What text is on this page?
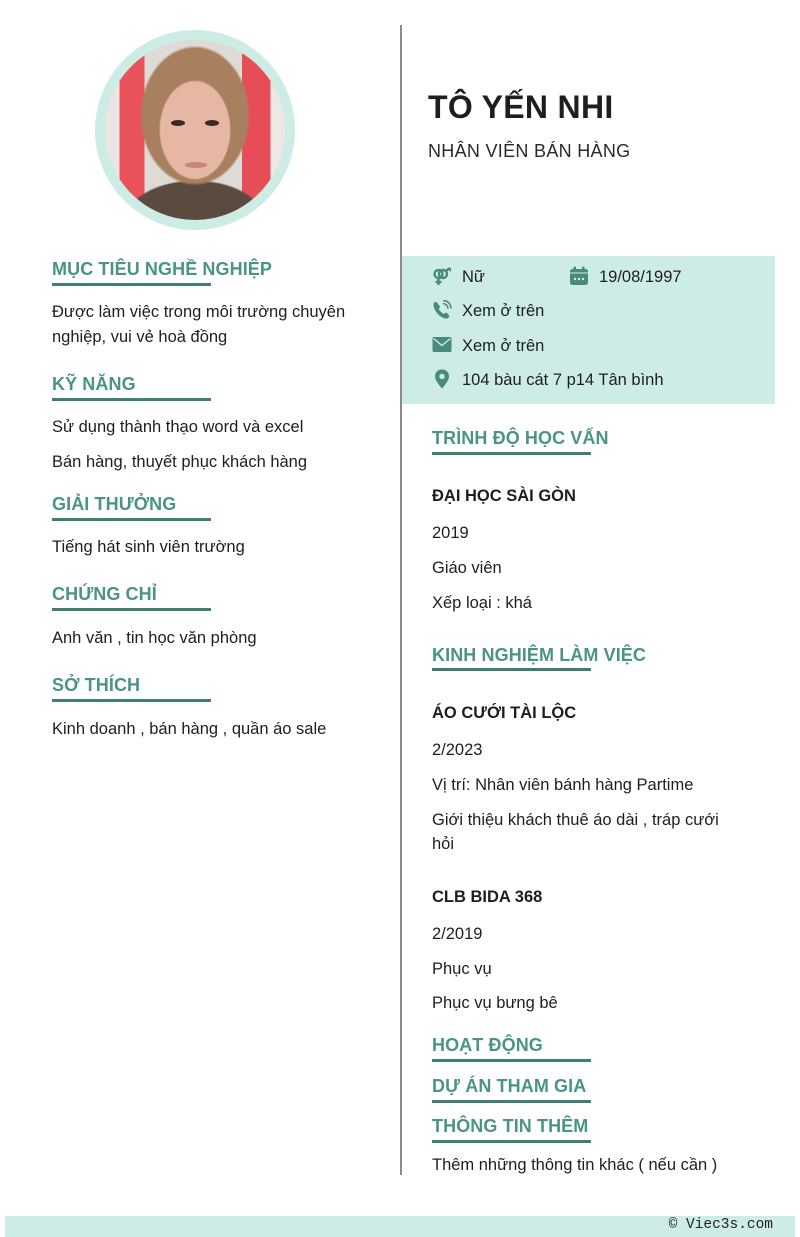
MỤC TIÊU NGHỀ NGHIỆP
Được làm việc trong môi trường chuyên
nghiệp, vui vẻ hoà đồng
KỸ NĂNG
Sử dụng thành thạo word và excel
Bán hàng, thuyết phục khách hàng
GIẢI THƯỞNG
Tiếng hát sinh viên trường
CHỨNG CHỈ
Anh văn , tin học văn phòng
SỞ THÍCH
Kinh doanh , bán hàng , quần áo sale
TÔ YẾN NHI
NHÂN VIÊN BÁN HÀNG
Nữ	19/08/1997
Xem ở trên
Xem ở trên
104 bàu cát 7 p14 Tân bình
TRÌNH ĐỘ HỌC VẤN
ĐẠI HỌC SÀI GÒN
2019
Giáo viên
Xếp loại : khá
KINH NGHIỆM LÀM VIỆC
ÁO CƯỚI TÀI LỘC
2/2023
Vị trí: Nhân viên bánh hàng Partime
Giới thiệu khách thuê áo dài , tráp cưới
hỏi
CLB BIDA 368
2/2019
Phục vụ
Phục vụ bưng bê
HOẠT ĐỘNG
DỰ ÁN THAM GIA
THÔNG TIN THÊM
Thêm những thông tin khác ( nếu cần )
© Viec3s.com
